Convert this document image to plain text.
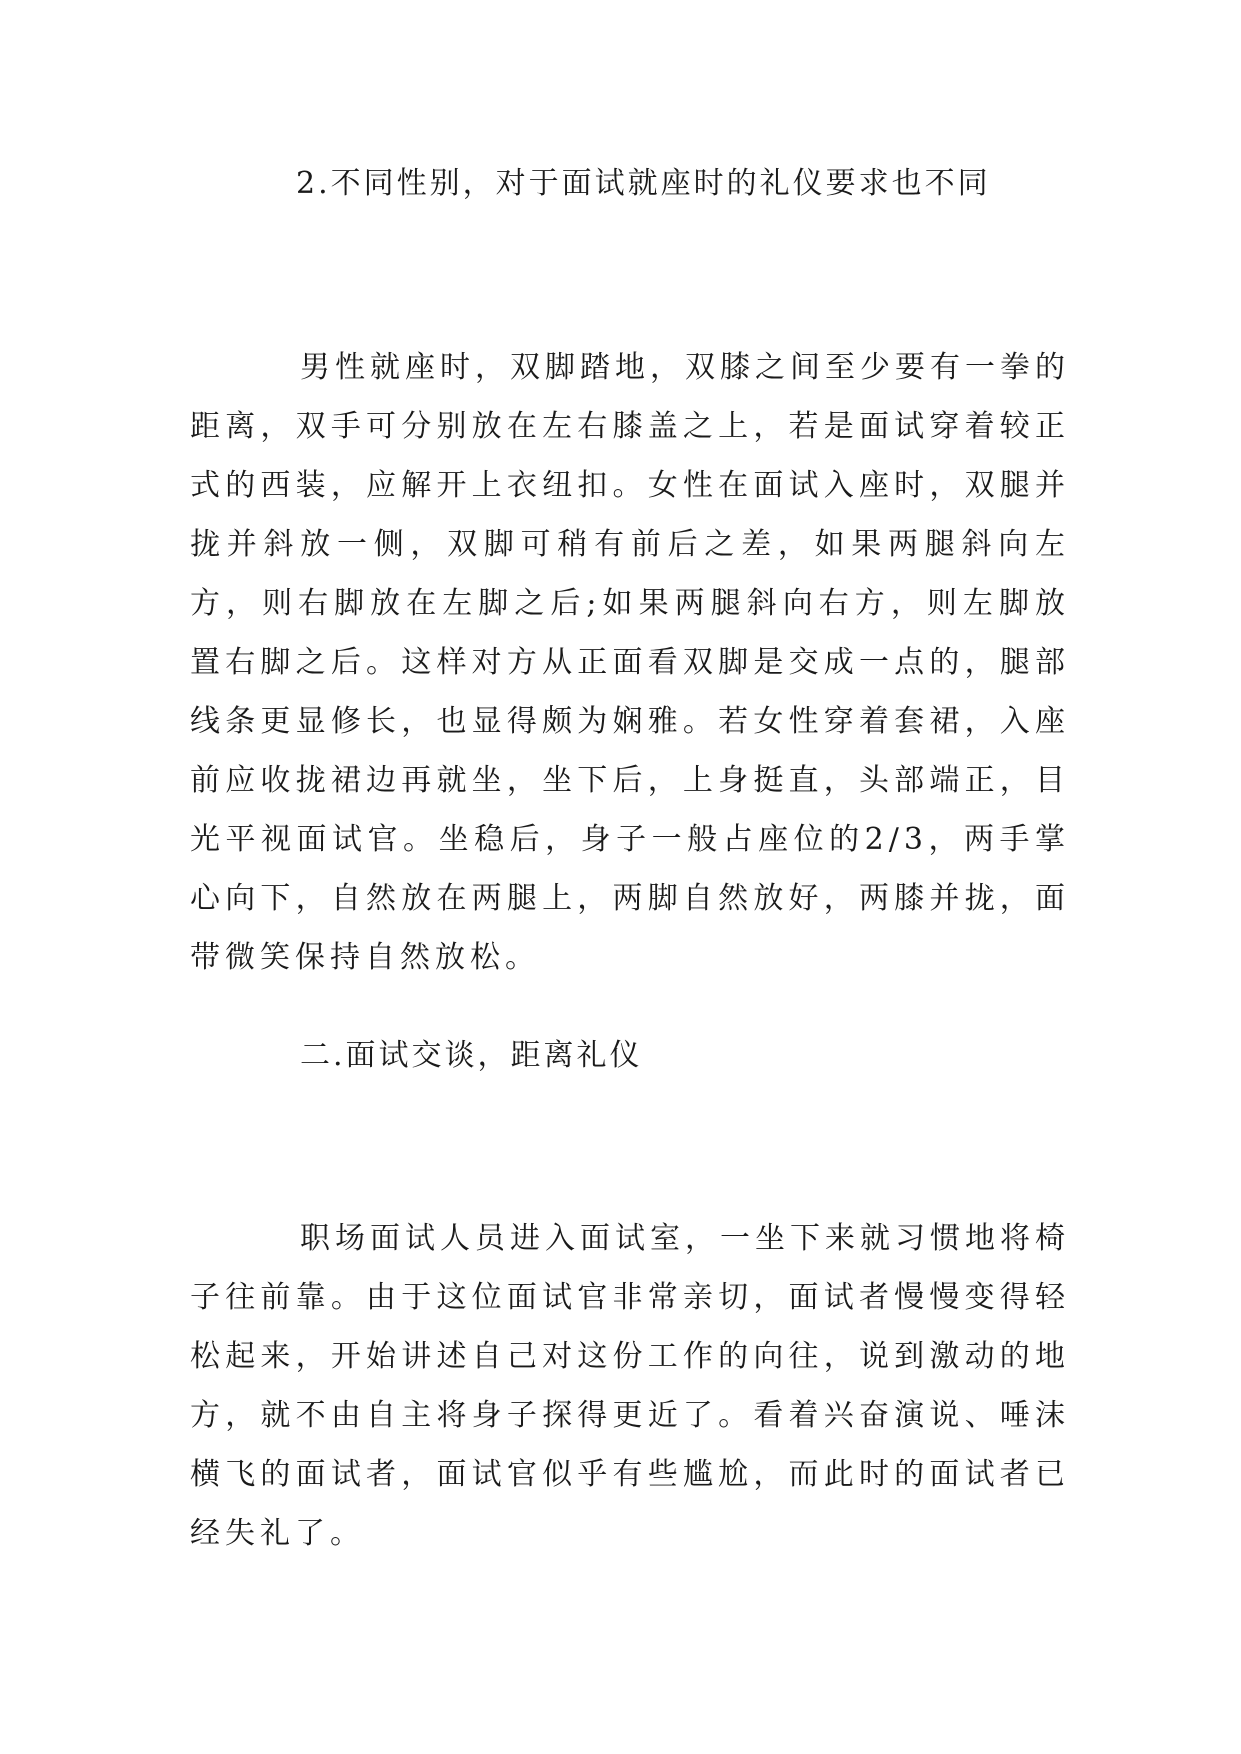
2.不同性别，对于面试就座时的礼仪要求也不同

男性就座时，双脚踏地，双膝之间至少要有一拳的距离，双手可分别放在左右膝盖之上，若是面试穿着较正式的西装，应解开上衣纽扣。女性在面试入座时，双腿并拢并斜放一侧，双脚可稍有前后之差，如果两腿斜向左方，则右脚放在左脚之后;如果两腿斜向右方，则左脚放置右脚之后。这样对方从正面看双脚是交成一点的，腿部线条更显修长，也显得颇为娴雅。若女性穿着套裙，入座前应收拢裙边再就坐，坐下后，上身挺直，头部端正，目光平视面试官。坐稳后，身子一般占座位的2/3，两手掌心向下，自然放在两腿上，两脚自然放好，两膝并拢，面带微笑保持自然放松。

二.面试交谈，距离礼仪

职场面试人员进入面试室，一坐下来就习惯地将椅子往前靠。由于这位面试官非常亲切，面试者慢慢变得轻松起来，开始讲述自己对这份工作的向往，说到激动的地方，就不由自主将身子探得更近了。看着兴奋演说、唾沫横飞的面试者，面试官似乎有些尴尬，而此时的面试者已经失礼了。
